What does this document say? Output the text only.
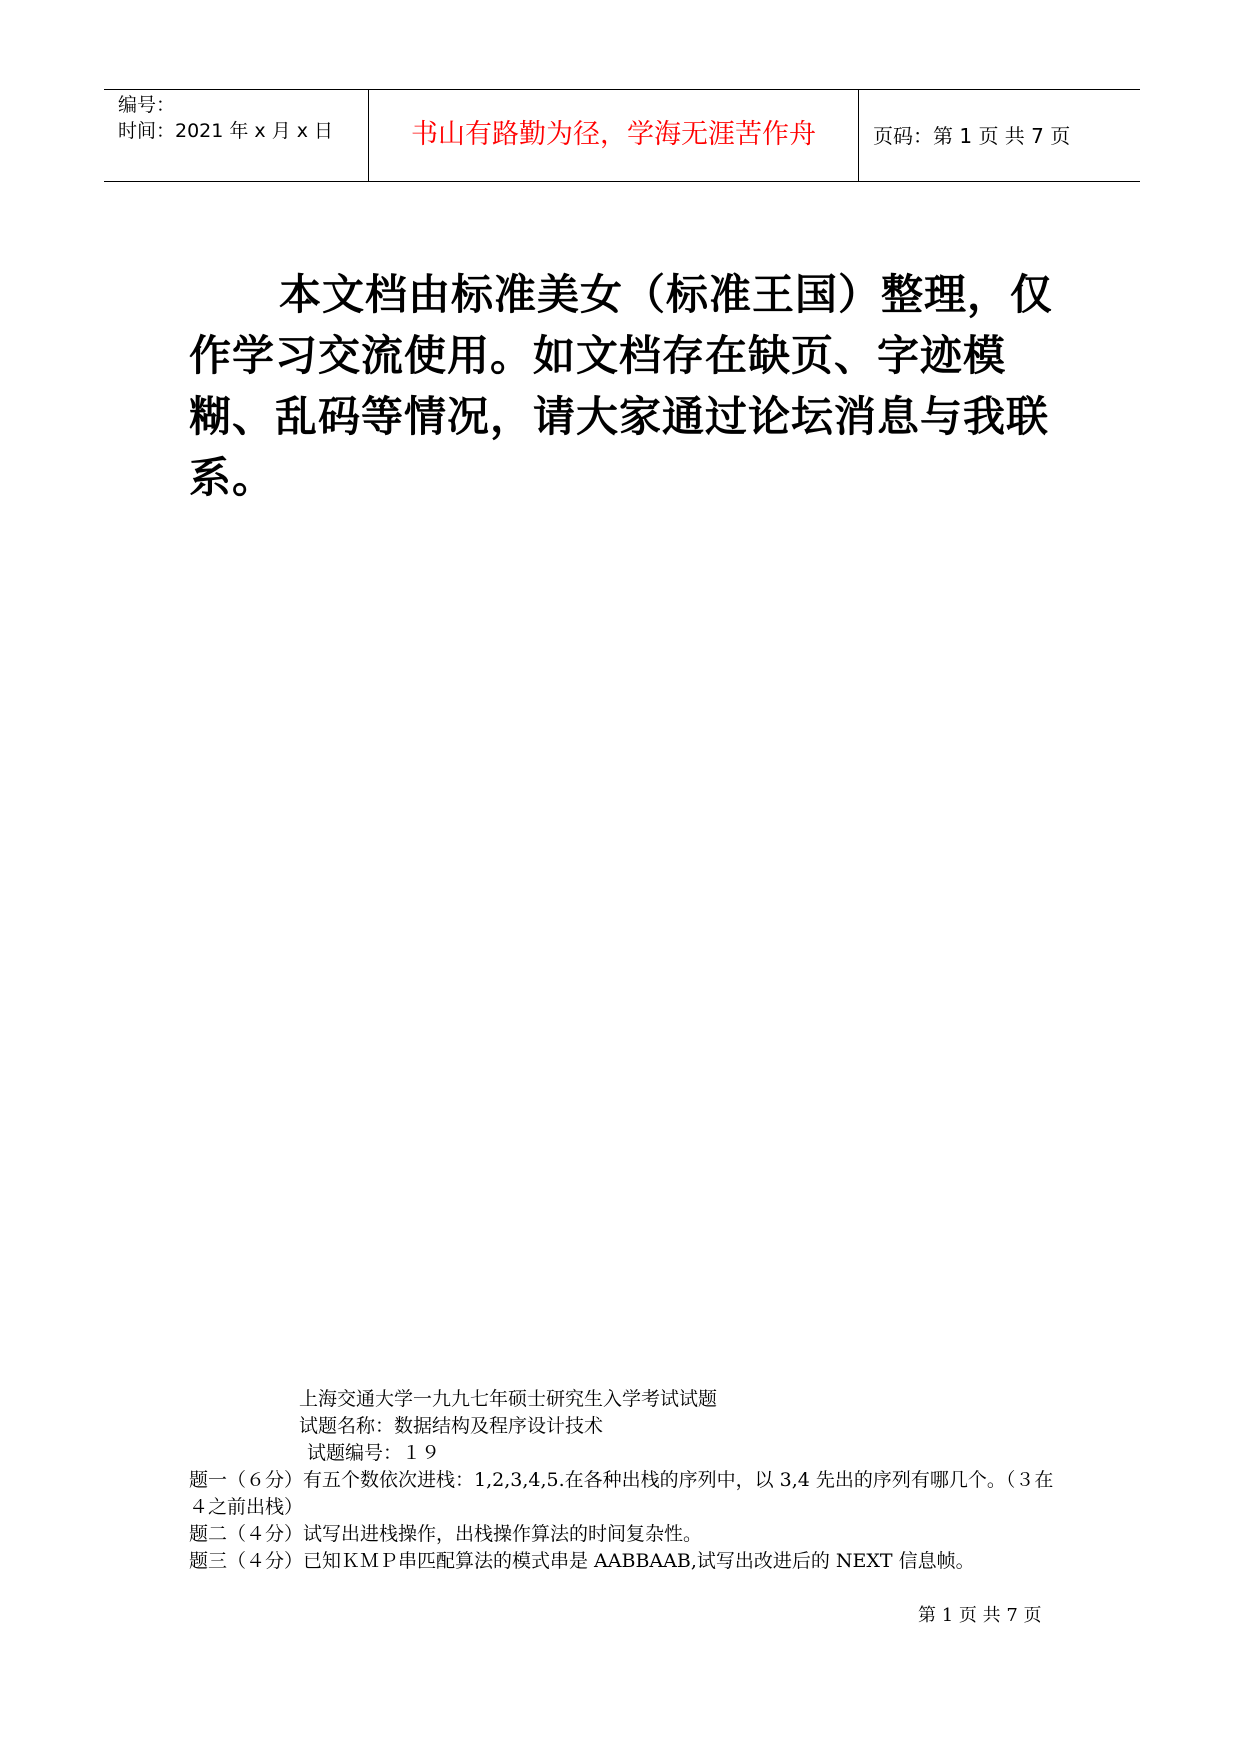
编号：
时间：2021 年 x 月 x 日	书山有路勤为径，学海无涯苦作舟	页码：第 1 页 共 7 页
本文档由标准美女（标准王国）整理，仅作学习交流使用。如文档存在缺页、字迹模糊、乱码等情况，请大家通过论坛消息与我联系。
上海交通大学一九九七年硕士研究生入学考试试题
试题名称：数据结构及程序设计技术
试题编号：１９
题一（６分）有五个数依次进栈：1,2,3,4,5.在各种出栈的序列中，以 3,4 先出的序列有哪几个。（３在４之前出栈）
题二（４分）试写出进栈操作，出栈操作算法的时间复杂性。
题三（４分）已知ＫＭＰ串匹配算法的模式串是 AABBAAB,试写出改进后的 NEXT 信息帧。
第 1 页 共 7 页
